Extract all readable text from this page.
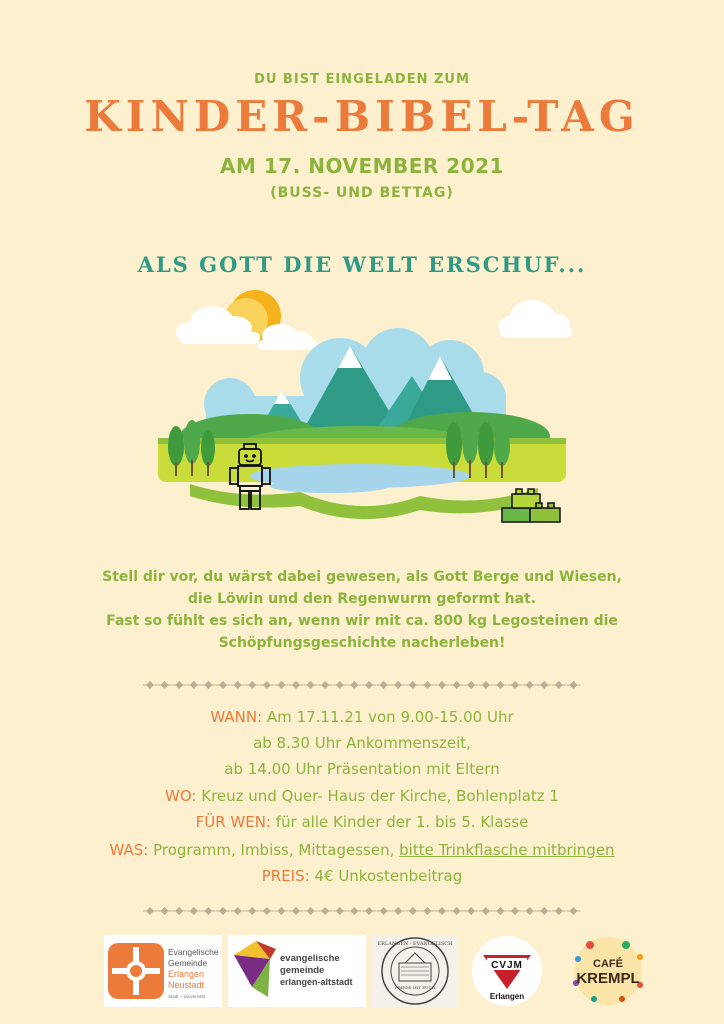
DU BIST EINGELADEN ZUM
KINDER-BIBEL-TAG
AM 17. NOVEMBER 2021
(BUSS- UND BETTAG)
ALS GOTT DIE WELT ERSCHUF...
Stell dir vor, du wärst dabei gewesen, als Gott Berge und Wiesen,
die Löwin und den Regenwurm geformt hat.
Fast so fühlt es sich an, wenn wir mit ca. 800 kg Legosteinen die
Schöpfungsgeschichte nacherleben!
WANN: Am 17.11.21 von 9.00-15.00 Uhr
ab 8.30 Uhr Ankommenszeit,
ab 14.00 Uhr Präsentation mit Eltern
WO: Kreuz und Quer- Haus der Kirche, Bohlenplatz 1
FÜR WEN: für alle Kinder der 1. bis 5. Klasse
WAS: Programm, Imbiss, Mittagessen, bitte Trinkflasche mitbringen
PREIS: 4€ Unkostenbeitrag
Evangelische
Gemeinde
Erlangen
Neustadt
Stadt + Universität
evangelische
gemeinde
erlangen-altstadt
ERLANGEN · EVANGELISCH
FRIEDE MIT EUCH
CVJM
Erlangen
CAFÉ
KREMPL
